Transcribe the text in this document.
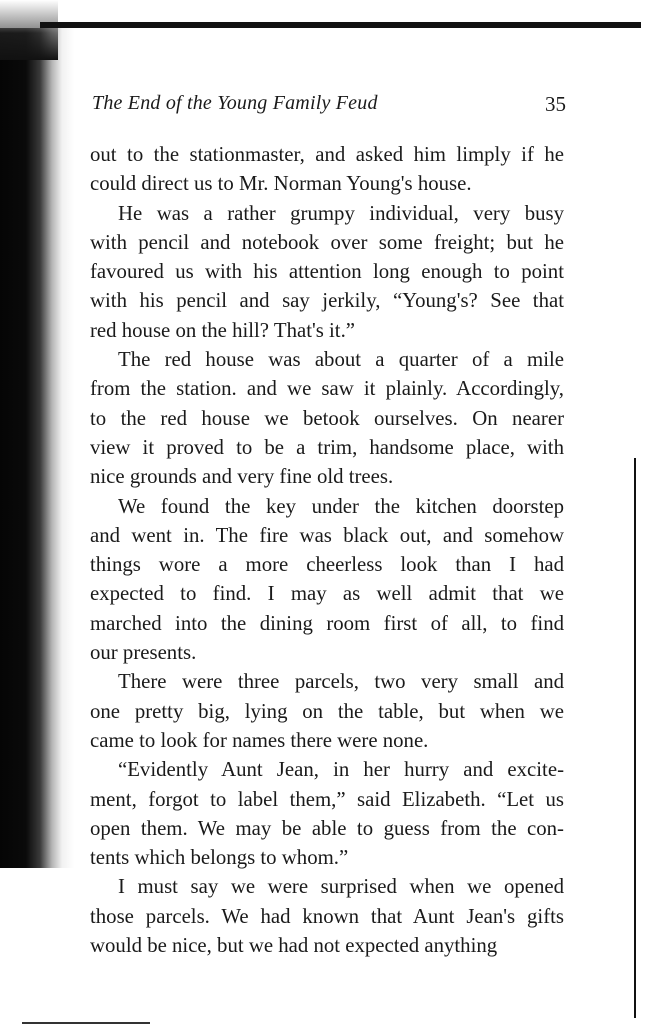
The End of the Young Family Feud	35
out to the stationmaster, and asked him limply if he
could direct us to Mr. Norman Young's house.
He was a rather grumpy individual, very busy
with pencil and notebook over some freight; but he
favoured us with his attention long enough to point
with his pencil and say jerkily, “Young's? See that
red house on the hill? That's it.”
The red house was about a quarter of a mile
from the station. and we saw it plainly. Accordingly,
to the red house we betook ourselves. On nearer
view it proved to be a trim, handsome place, with
nice grounds and very fine old trees.
We found the key under the kitchen doorstep
and went in. The fire was black out, and somehow
things wore a more cheerless look than I had
expected to find. I may as well admit that we
marched into the dining room first of all, to find
our presents.
There were three parcels, two very small and
one pretty big, lying on the table, but when we
came to look for names there were none.
“Evidently Aunt Jean, in her hurry and excite-
ment, forgot to label them,” said Elizabeth. “Let us
open them. We may be able to guess from the con-
tents which belongs to whom.”
I must say we were surprised when we opened
those parcels. We had known that Aunt Jean's gifts
would be nice, but we had not expected anything
